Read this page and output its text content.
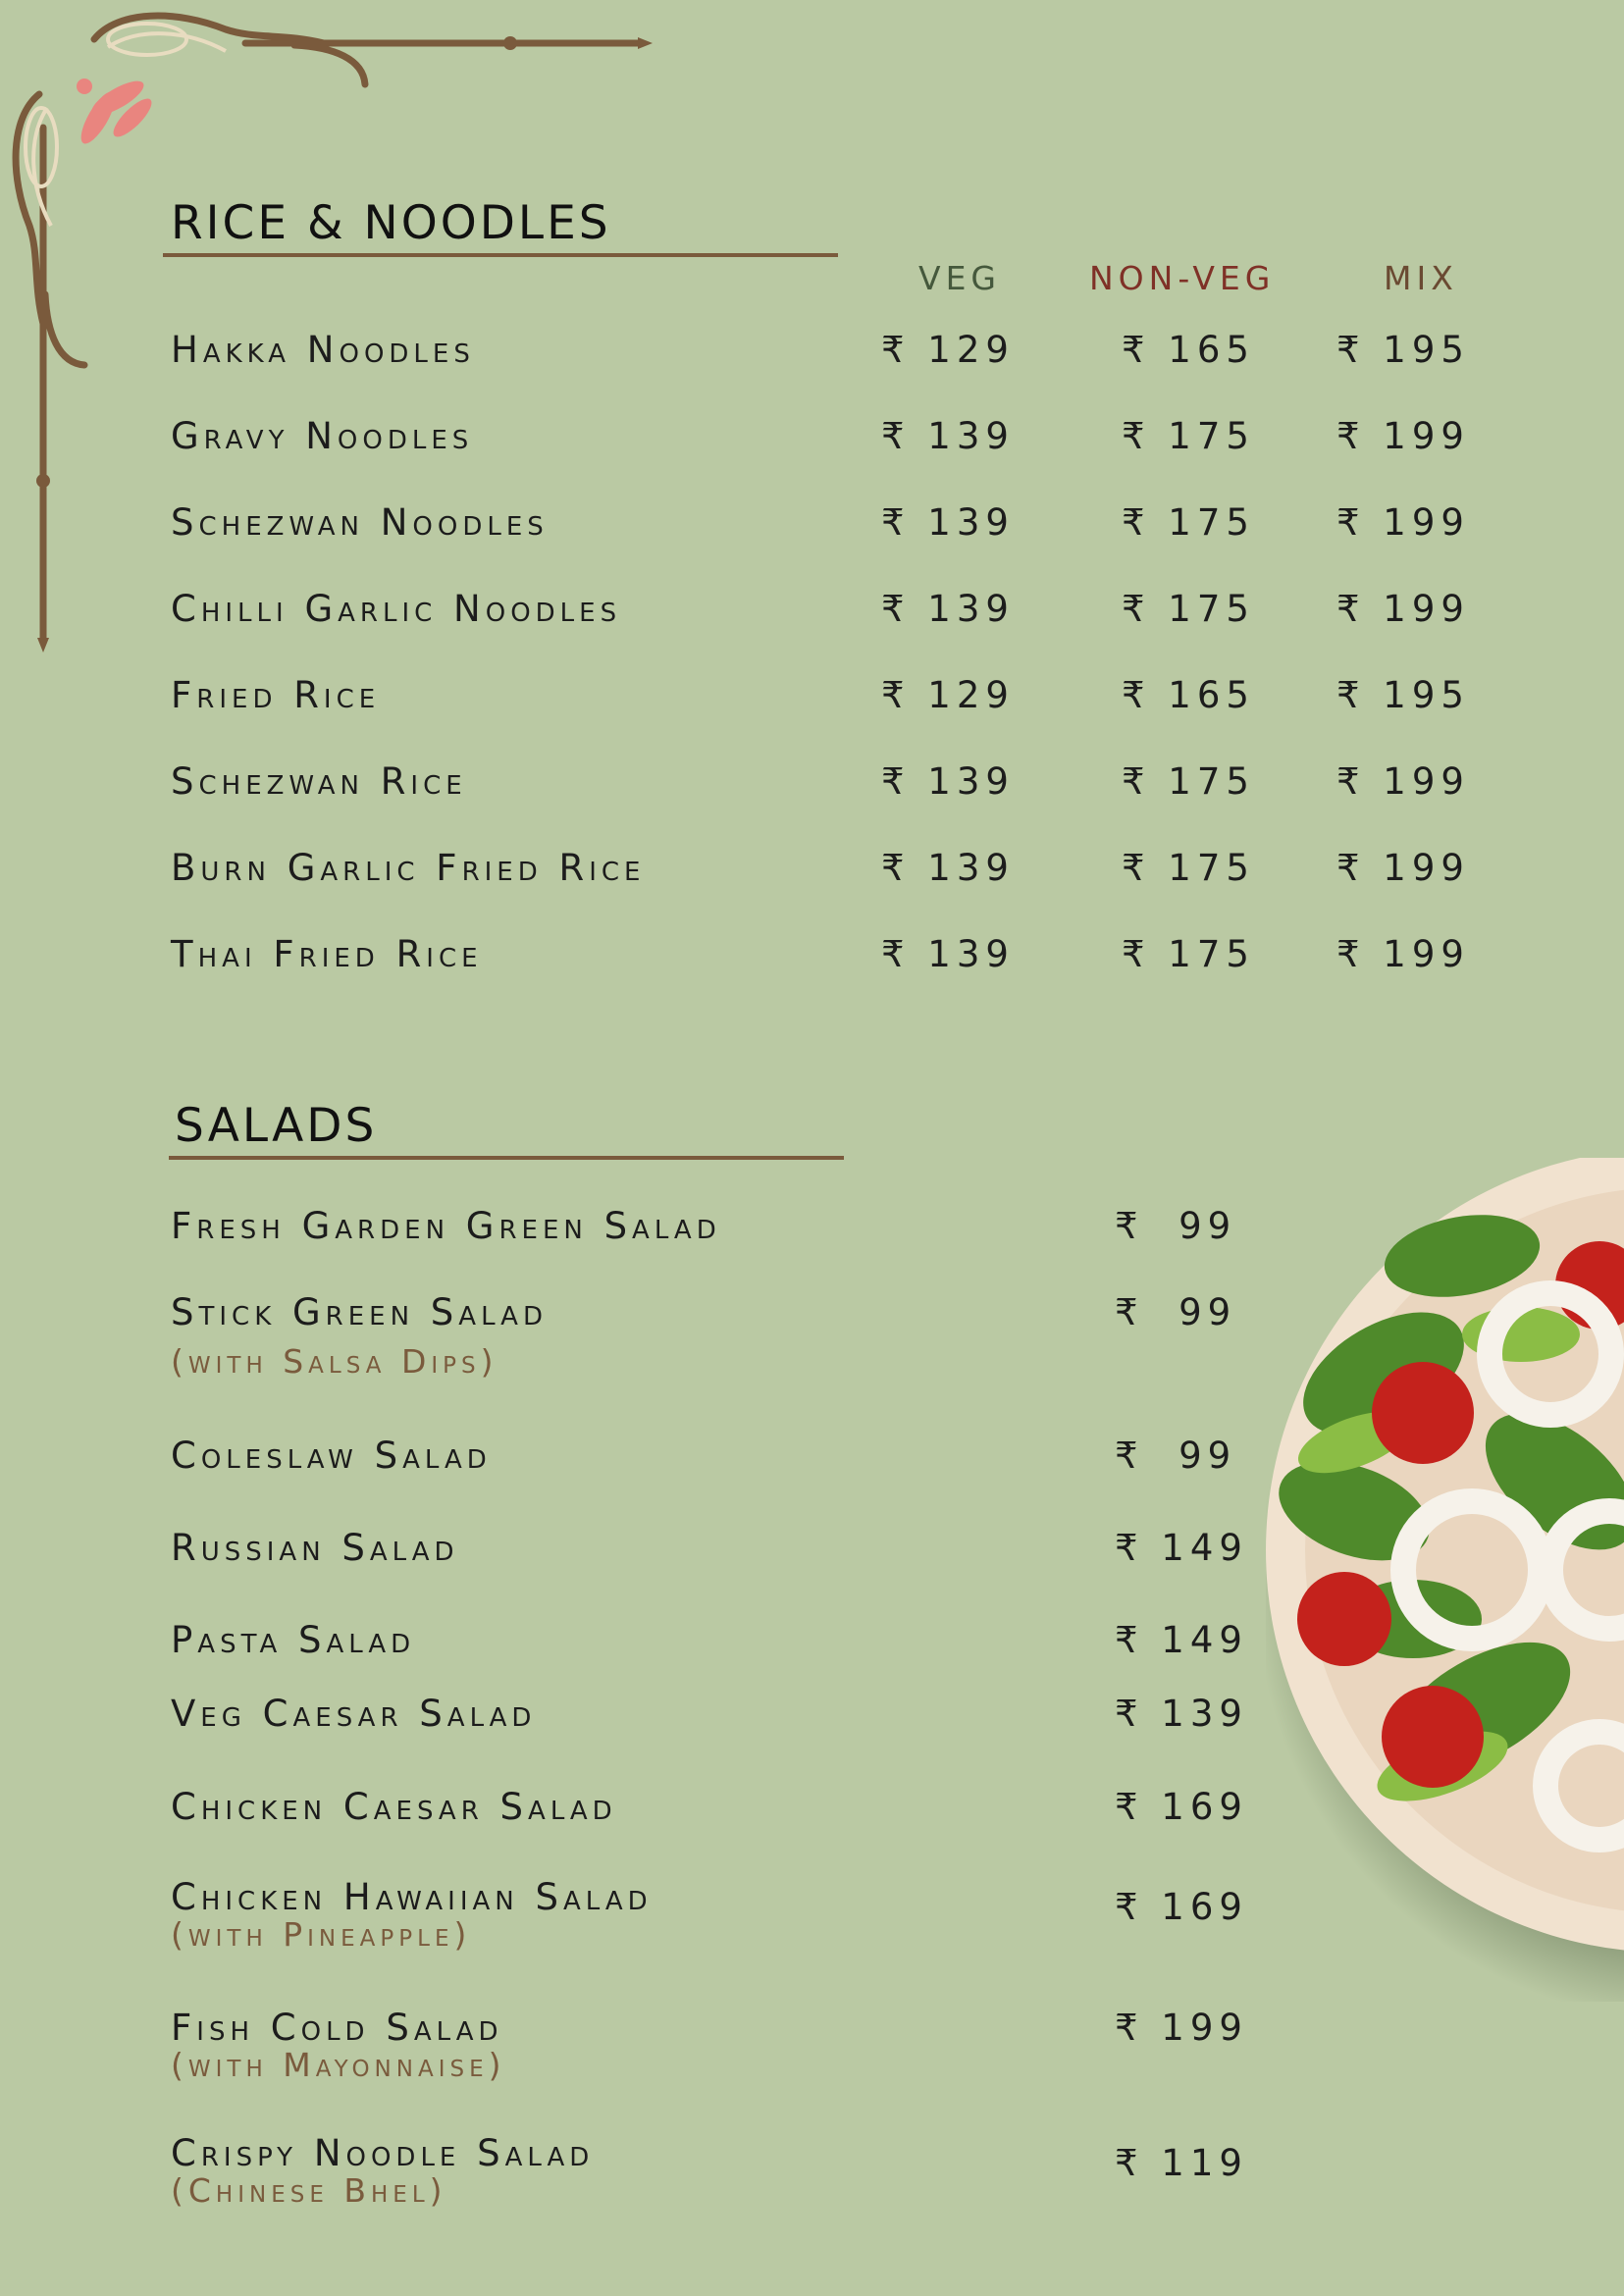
RICE & NOODLES
VEG	NON-VEG	MIX
Hakka Noodles	₹ 129	₹ 165 ₹ 195
Gravy Noodles	₹ 139	₹ 175 ₹ 199
Schezwan Noodles	₹ 139	₹ 175 ₹ 199
Chilli Garlic Noodles	₹ 139	₹ 175 ₹ 199
Fried Rice	₹ 129	₹ 165 ₹ 195
Schezwan Rice	₹ 139	₹ 175 ₹ 199
Burn Garlic Fried Rice	₹ 139	₹ 175 ₹ 199
Thai Fried Rice	₹ 139	₹ 175 ₹ 199
SALADS
Fresh Garden Green Salad	₹  99
Stick Green Salad	₹  99
(with Salsa Dips)
Coleslaw Salad	₹  99
Russian Salad	₹ 149
Pasta Salad	₹ 149
Veg Caesar Salad	₹ 139
Chicken Caesar Salad	₹ 169
Chicken Hawaiian Salad	₹ 169
(with Pineapple)
Fish Cold Salad	₹ 199
(with Mayonnaise)
Crispy Noodle Salad	₹ 119
(Chinese Bhel)
